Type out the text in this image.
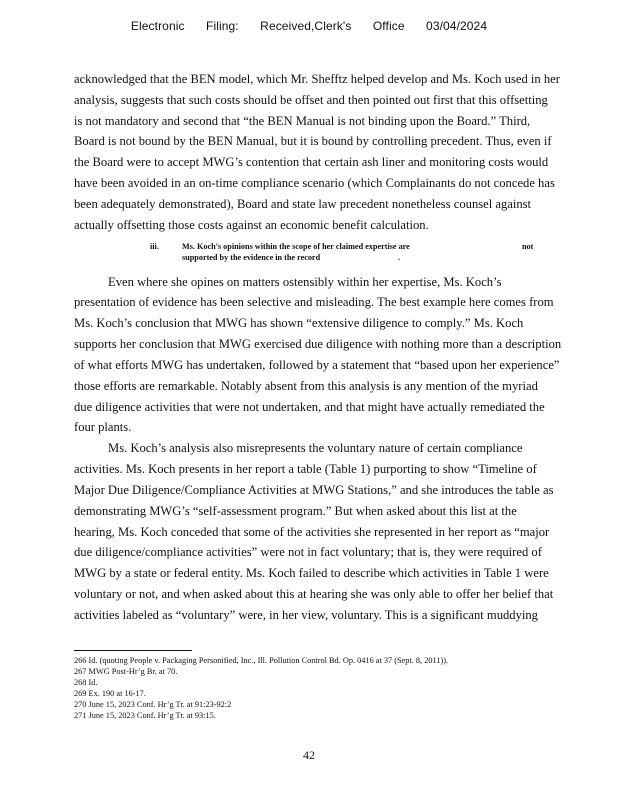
Electronic Filing: Received,Clerk's Office 03/04/2024
acknowledged that the BEN model, which Mr. Shefftz helped develop and Ms. Koch used in her
analysis, suggests that such costs should be offset and then pointed out first that this offsetting
is not mandatory and second that “the BEN Manual is not binding upon the Board.” Third,
Board is not bound by the BEN Manual, but it is bound by controlling precedent. Thus, even if
the Board were to accept MWG’s contention that certain ash liner and monitoring costs would
have been avoided in an on-time compliance scenario (which Complainants do not concede has
been adequately demonstrated), Board and state law precedent nonetheless counsel against
actually offsetting those costs against an economic benefit calculation.
iii.	Ms. Koch's opinions within the scope of her claimed expertise are	not
supported by the evidence in the record	.
Even where she opines on matters ostensibly within her expertise, Ms. Koch’s
presentation of evidence has been selective and misleading. The best example here comes from
Ms. Koch’s conclusion that MWG has shown “extensive diligence to comply.” Ms. Koch
supports her conclusion that MWG exercised due diligence with nothing more than a description
of what efforts MWG has undertaken, followed by a statement that “based upon her experience”
those efforts are remarkable. Notably absent from this analysis is any mention of the myriad
due diligence activities that were not undertaken, and that might have actually remediated the
four plants.
Ms. Koch’s analysis also misrepresents the voluntary nature of certain compliance
activities. Ms. Koch presents in her report a table (Table 1) purporting to show “Timeline of
Major Due Diligence/Compliance Activities at MWG Stations,” and she introduces the table as
demonstrating MWG’s “self-assessment program.” But when asked about this list at the
hearing, Ms. Koch conceded that some of the activities she represented in her report as “major
due diligence/compliance activities” were not in fact voluntary; that is, they were required of
MWG by a state or federal entity. Ms. Koch failed to describe which activities in Table 1 were
voluntary or not, and when asked about this at hearing she was only able to offer her belief that
activities labeled as “voluntary” were, in her view, voluntary. This is a significant muddying
266 Id. (quoting People v. Packaging Personified, Inc., Ill. Pollution Control Bd. Op. 0416 at 37 (Sept. 8, 2011)).
267 MWG Post-Hr’g Br. at 70.
268 Id.
269 Ex. 190 at 16-17.
270 June 15, 2023 Conf. Hr’g Tr. at 91:23-92:2
271 June 15, 2023 Conf. Hr’g Tr. at 93:15.
42
